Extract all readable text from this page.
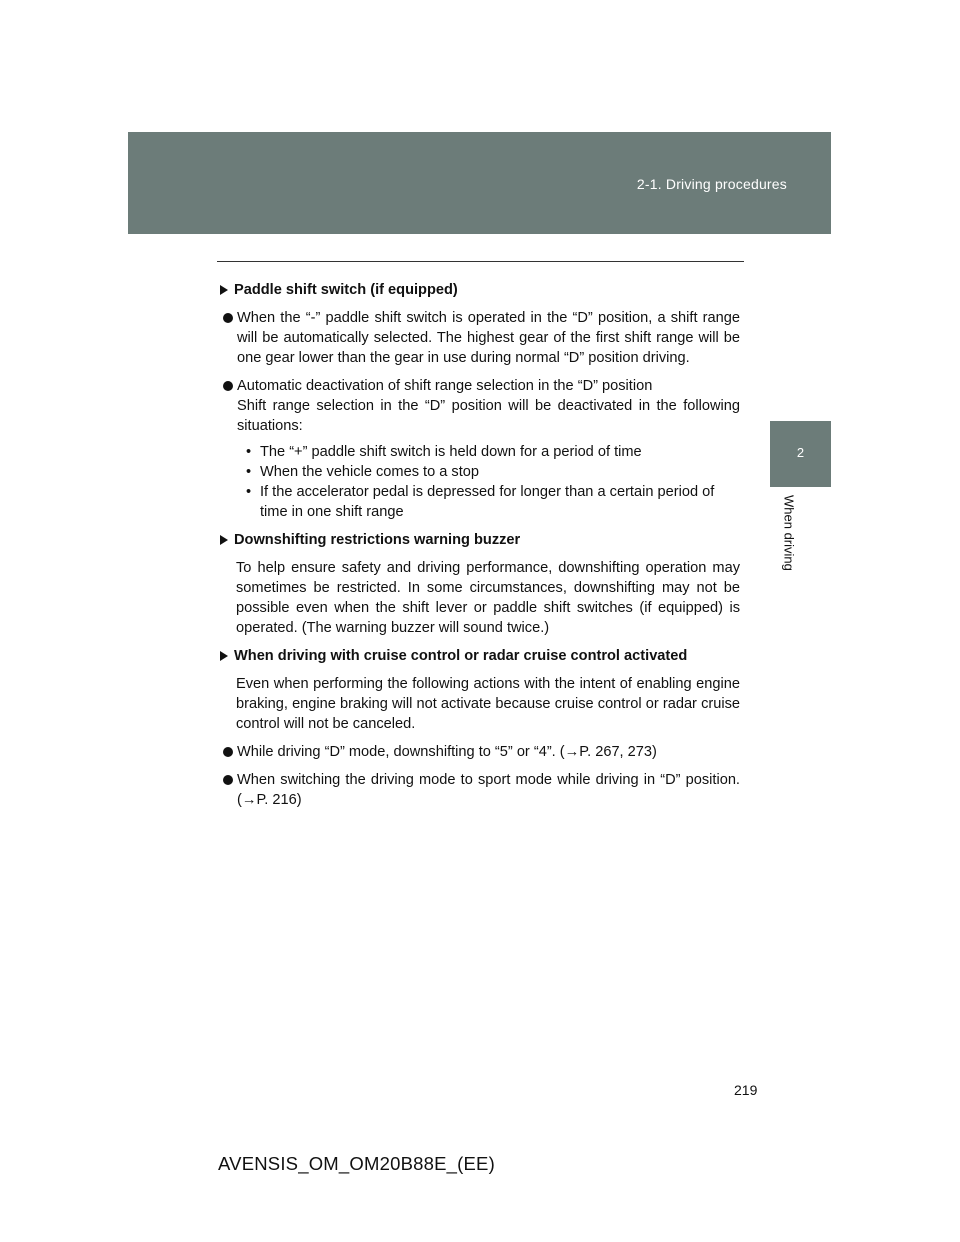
2-1. Driving procedures
2
When driving
Paddle shift switch (if equipped)
When the “-” paddle shift switch is operated in the “D” position, a shift range will be automatically selected. The highest gear of the first shift range will be one gear lower than the gear in use during normal “D” position driving.
Automatic deactivation of shift range selection in the “D” position
Shift range selection in the “D” position will be deactivated in the following situations:
• The “+” paddle shift switch is held down for a period of time
• When the vehicle comes to a stop
• If the accelerator pedal is depressed for longer than a certain period of time in one shift range
Downshifting restrictions warning buzzer
To help ensure safety and driving performance, downshifting operation may sometimes be restricted. In some circumstances, downshifting may not be possible even when the shift lever or paddle shift switches (if equipped) is operated. (The warning buzzer will sound twice.)
When driving with cruise control or radar cruise control activated
Even when performing the following actions with the intent of enabling engine braking, engine braking will not activate because cruise control or radar cruise control will not be canceled.
While driving “D” mode, downshifting to “5” or “4”. (→P. 267, 273)
When switching the driving mode to sport mode while driving in “D” position. (→P. 216)
219
AVENSIS_OM_OM20B88E_(EE)
